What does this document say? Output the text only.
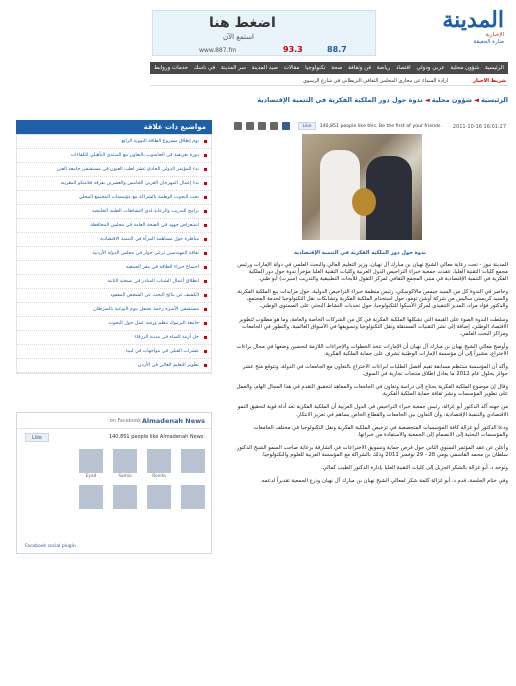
المدينة
الإخبارية
منارة الحقيقة
اضغط هنا
استمع الآن
www.887.fm	93.3	88.7
الرئيسية
شؤون محلية
عربي ودولي
اقتصاد
رياضة
فن وثقافة
صحة
تكنولوجيا
مقالات
صيد المدينة
سر المدينة
في ناسك
خدمات وروابط
شريط الاخبار
ارادة السماء عن مجاري المجلس الثقافي البريطاني في شارع الرسوي
الرئيسية◄شؤون محلية◄ندوة حول دور الملكية الفكرية في التنمية الإقتصادية
مواضيع ذات علاقة
يوم إطلاق مشروع الطاقة النووية الرابع
دورة تعريفية في الحاسوب بالتعاون مع المنتدى التأهيلي للكفاءات
بدء المؤتمر الدولي الحادي عشر لطب العيون في مستشفى جامعة العين
بدء إعمال المهرجان العربي الخامس والعشرين بفرقة فلامنكو المغربية
بحث البحوث الوطنية بالشراكة مع مؤسسات المجتمع المحلي
برامج التدريب والرعاية لدى النشاطات الطبية الخليجية
استعراض جهود في الصحة العامة في مجلس المحافظة
مناظرة حول مساهمة المرأة في التنمية الاقتصادية
ثقافة المهندسين ترعى حوار في مجلس الدولة الأردنية
اجتماع خبراء الطاقة في مقر الجمعية
انطلاق أعمال الشباب المبادر في نسخته الثانية
الكشف عن نتائج البحث عن الشخص المفقود
مستشفى الأميرة رحمة يحتفل بيوم التوعية بالسرطان
جامعة اليرموك تنظم ورشة عمل حول البحوث
حل أزمة المياه في مدينة الزرقاء
عشرات القتلى في مواجهات في ليبيا
تطوير التعليم العالي في الأردن
Almadenah News
on Facebook
140,851 people like Almadenah News.
Like
Ronda
Samia
Eyad
Facebook social plugin
2011-10-16 16:01:27
140,851 people like this. Be the first of your friends.
Like
ندوة حول دور الملكية الفكرية في التنمية الإقتصادية

المدينة نيوز - تحت رعاية معالي الشيخ نهيان بن مبارك آل نهيان، وزير التعليم العالي والبحث العلمي في دولة الإمارات ورئيس مجمع كليات التقنية العليا، عقدت جمعية خبراء التراخيص الدول العربية وكليات التقنية العليا مؤخراً ندوة حول دور الملكية الفكرية في التنمية الإقتصادية في مبنى المجمع الثقافي لمركز التقول للأبحاث التطبيقية والتدريب (سيرت) أبو ظبي.

وحاضر في الندوة كل من السيد جيمس مالاكوسكي، رئيس منظمة خبراء التراخيص الدولية، حول مزايدات بيع الملكية الفكرية، والسيد كريستي ساليس من شركة أوشن تومو، حول استخدام الملكية الفكرية وتشابكات نقل التكنولوجيا لخدمة المجتمع، والدكتور فؤاد مراد، المدير التنفيذي لمركز الأسكوا للتكنولوجيا، حول تحديات النشاط البحثي على المستوى الوطني.

وسلطت الندوة الضوء على القيمة التي تشكلها الملكية الفكرية في كل من الشركات الخاصة والعامة، وما هو مطلوب لتطوير الاقتصاد الوطني، إضافة إلى نشر التقنيات المستقلة ونقل التكنولوجيا وتسويقها في الأسواق العالمية، والتطور في الجامعات ومراكز البحث العلمي.

وأوضح معالي الشيخ نهيان بن مبارك آل نهيان أن الإمارات تتخذ الخطوات والإجراءات اللازمة لتحسين وضعها في مجال براءات الاختراع، مشيراً إلى أن مؤسسة الإمارات الوطنية تشرف على حماية الملكية الفكرية.

وأكد أن المؤسسة ستنظم مسابقة تقيم أفضل الطلبات لبراءات الاختراع بالتعاون مع الجامعات في الدولة، وتتوقع منح عشر جوائز بحلول عام 2012 ما يعادل إطلاق منتجات تجارية في السوق.

وقال إن موضوع الملكية الفكرية يحتاج إلى دراسة وتعاون في الجامعات والمعاهد لتحقيق التقدم في هذا المجال الهام، والعمل على تطوير المؤسسات ونشر ثقافة حماية الملكية الفكرية.

من جهته أكد الدكتور أبو غزالة، رئيس جمعية خبراء التراخيص في الدول العربية أن الملكية الفكرية تعد أداة قوية لتحقيق النمو الاقتصادي والتنمية الإقتصادية، وأن التعاون بين الجامعات والقطاع الخاص يساهم في تعزيز الابتكار.

ودعا الدكتور أبو غزالة كافة المؤسسات المتخصصة في ترخيص الملكية الفكرية ونقل التكنولوجيا في مختلف الجامعات والمؤسسات البحثية إلى الانضمام إلى الجمعية والاستفادة من خبراتها.

وأعلن عن عقد المؤتمر السنوي الثاني حول فرص حماية وتسويق الاختراعات في الشارقة برعاية صاحب السمو الشيخ الدكتور سلطان بن محمد القاسمي يومي 28 - 29 نوفمبر 2011 وذلك بالشراكة مع المؤسسة العربية للعلوم والتكنولوجيا.

وتوجه د. أبو غزالة بالشكر الجزيل إلى كليات التقنية العليا بإدارة الدكتور الطيب كمالي.

وفي ختام الجلسة، قدم د. أبو غزالة كلمة شكر لمعالي الشيخ نهيان بن مبارك آل نهيان ودرع الجمعية تقديراً لدعمه.
